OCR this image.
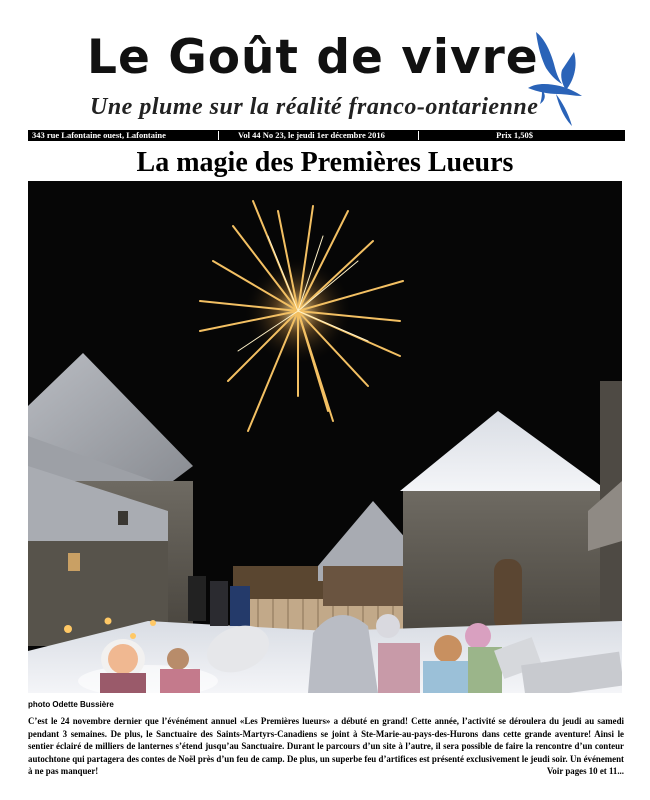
Le Goût de vivre
Une plume sur la réalité franco-ontarienne
343 rue Lafontaine ouest, Lafontaine	Vol 44 No 23, le jeudi 1er décembre 2016	Prix 1,50$
La magie des Premières Lueurs
photo Odette Bussière

C’est le 24 novembre dernier que l’événément annuel «Les Premières lueurs» a débuté en grand! Cette année, l’activité se déroulera du jeudi au samedi pendant 3 semaines. De plus, le Sanctuaire des Saints-Martyrs-Canadiens se joint à Ste-Marie-au-pays-des-Hurons dans cette grande aventure! Ainsi le sentier éclairé de milliers de lanternes s’étend jusqu’au Sanctuaire. Durant le parcours d’un site à l’autre, il sera possible de faire la rencontre d’un conteur autochtone qui partagera des contes de Noël près d’un feu de camp. De plus, un superbe feu d’artifices est présenté exclusivement le jeudi soir. Un événement à ne pas manquer!	Voir pages 10 et 11...
